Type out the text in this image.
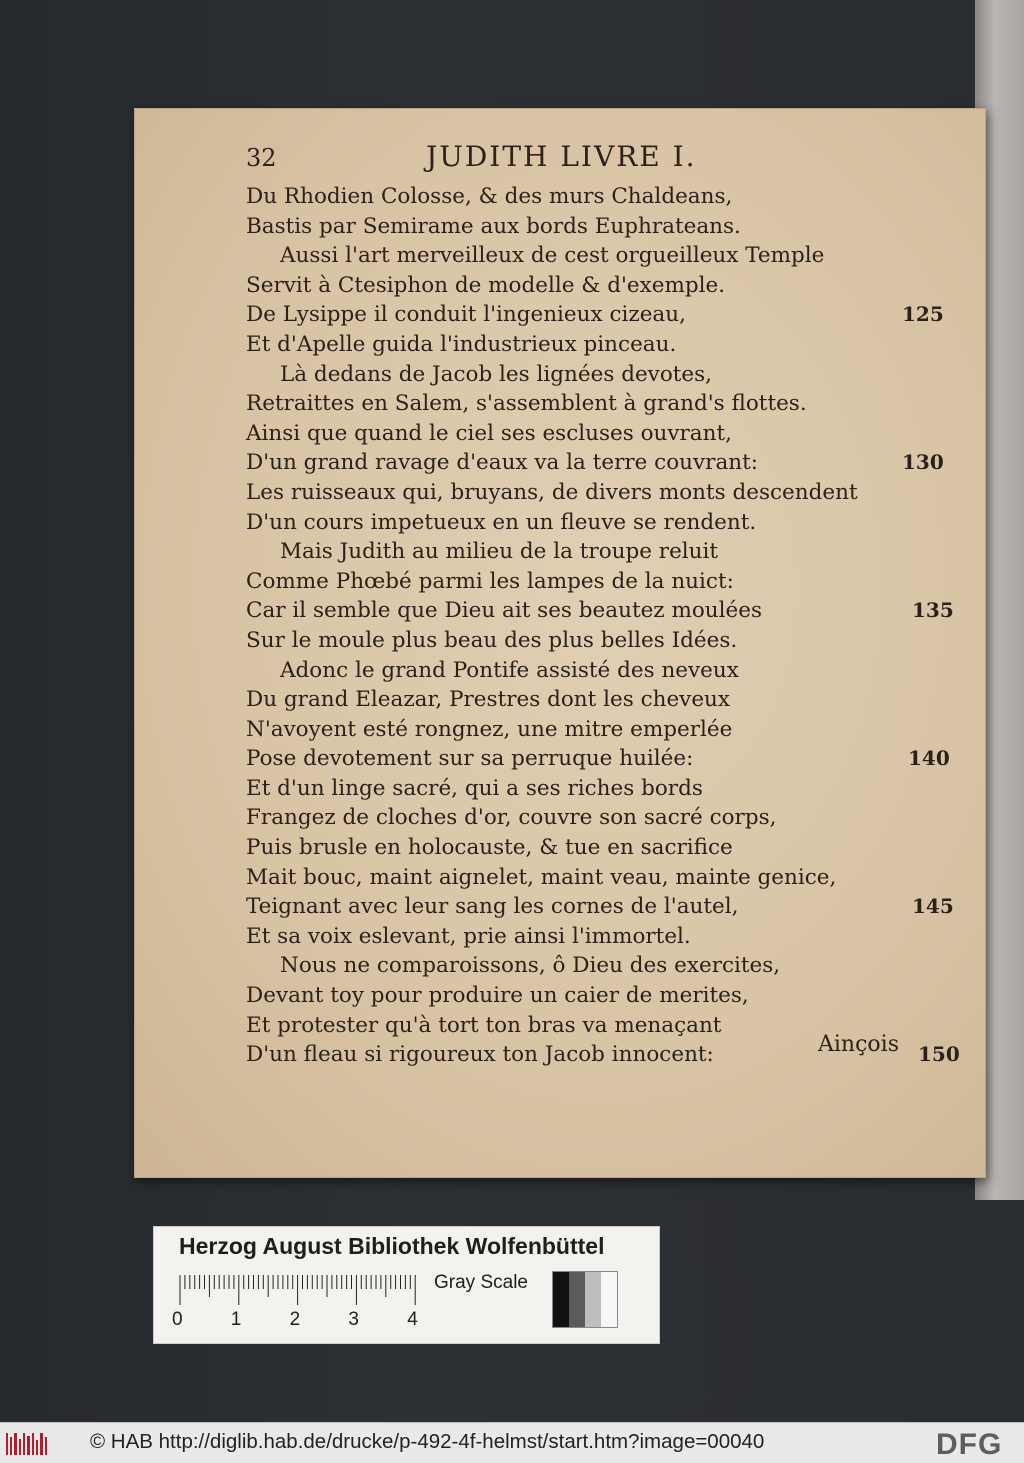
32	JUDITH LIVRE I.
Du Rhodien Colosse, & des murs Chaldeans,
Bastis par Semirame aux bords Euphrateans.
Aussi l'art merveilleux de cest orgueilleux Temple
Servit à Ctesiphon de modelle & d'exemple.
De Lysippe il conduit l'ingenieux cizeau,
Et d'Apelle guida l'industrieux pinceau.
Là dedans de Jacob les lignées devotes,
Retraittes en Salem, s'assemblent à grand's flottes.
Ainsi que quand le ciel ses escluses ouvrant,
D'un grand ravage d'eaux va la terre couvrant:
Les ruisseaux qui, bruyans, de divers monts descendent
D'un cours impetueux en un fleuve se rendent.
Mais Judith au milieu de la troupe reluit
Comme Phœbé parmi les lampes de la nuict:
Car il semble que Dieu ait ses beautez moulées
Sur le moule plus beau des plus belles Idées.
Adonc le grand Pontife assisté des neveux
Du grand Eleazar, Prestres dont les cheveux
N'avoyent esté rongnez, une mitre emperlée
Pose devotement sur sa perruque huilée:
Et d'un linge sacré, qui a ses riches bords
Frangez de cloches d'or, couvre son sacré corps,
Puis brusle en holocauste, & tue en sacrifice
Mait bouc, maint aignelet, maint veau, mainte genice,
Teignant avec leur sang les cornes de l'autel,
Et sa voix eslevant, prie ainsi l'immortel.
Nous ne comparoissons, ô Dieu des exercites,
Devant toy pour produire un caier de merites,
Et protester qu'à tort ton bras va menaçant
D'un fleau si rigoureux ton Jacob innocent:
125
130
135
140
145
150
Ainçois
Herzog August Bibliothek Wolfenbüttel
0	1	2	3	4
Gray Scale
© HAB http://diglib.hab.de/drucke/p-492-4f-helmst/start.htm?image=00040	DFG
